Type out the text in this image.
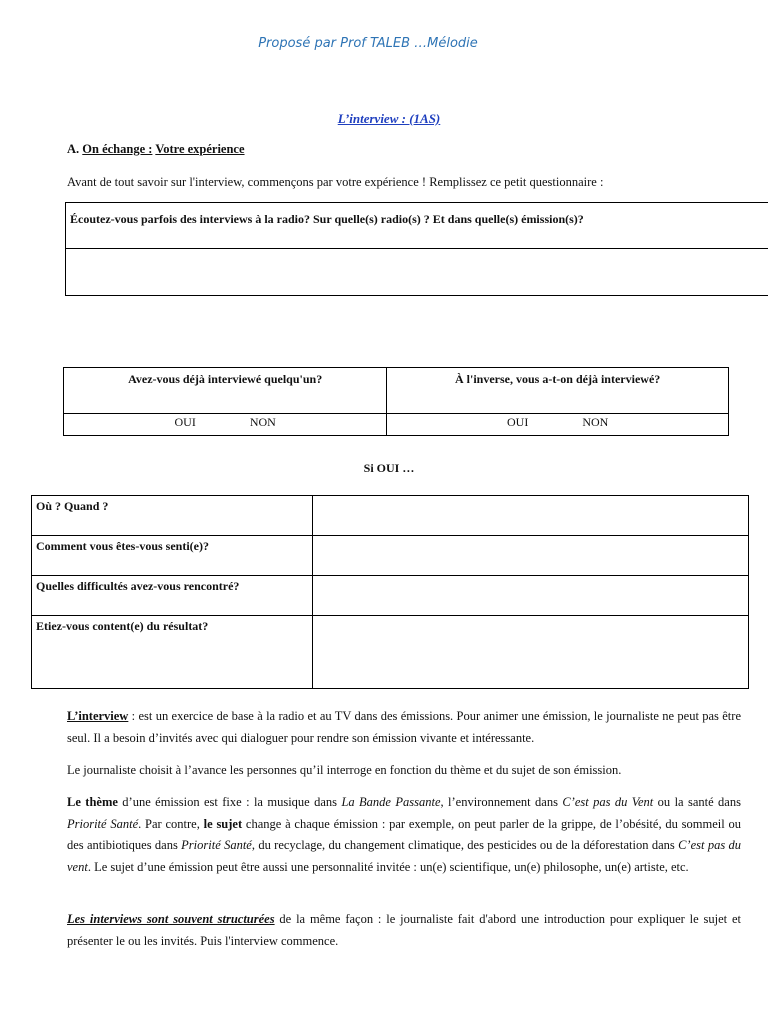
Proposé par Prof TALEB …Mélodie
L’interview : (1AS)
A. On échange : Votre expérience
Avant de tout savoir sur l'interview, commençons par votre expérience ! Remplissez ce petit questionnaire :
Écoutez-vous parfois des interviews à la radio? Sur quelle(s) radio(s) ? Et dans quelle(s) émission(s)?
Avez-vous déjà interviewé quelqu'un?	À l'inverse, vous a-t-on déjà interviewé?
OUI NON	OUI NON
Si OUI …
Où ? Quand ?	
Comment vous êtes-vous senti(e)?	
Quelles difficultés avez-vous rencontré?	
Etiez-vous content(e) du résultat?	

L’interview : est un exercice de base à la radio et au TV dans des émissions. Pour animer une émission, le journaliste ne peut pas être seul. Il a besoin d’invités avec qui dialoguer pour rendre son émission vivante et intéressante.

Le journaliste choisit à l’avance les personnes qu’il interroge en fonction du thème et du sujet de son émission.

Le thème d’une émission est fixe : la musique dans La Bande Passante, l’environnement dans C’est pas du Vent ou la santé dans Priorité Santé. Par contre, le sujet change à chaque émission : par exemple, on peut parler de la grippe, de l’obésité, du sommeil ou des antibiotiques dans Priorité Santé, du recyclage, du changement climatique, des pesticides ou de la déforestation dans C’est pas du vent. Le sujet d’une émission peut être aussi une personnalité invitée : un(e) scientifique, un(e) philosophe, un(e) artiste, etc.

Les interviews sont souvent structurées de la même façon : le journaliste fait d'abord une introduction pour expliquer le sujet et présenter le ou les invités. Puis l'interview commence.
